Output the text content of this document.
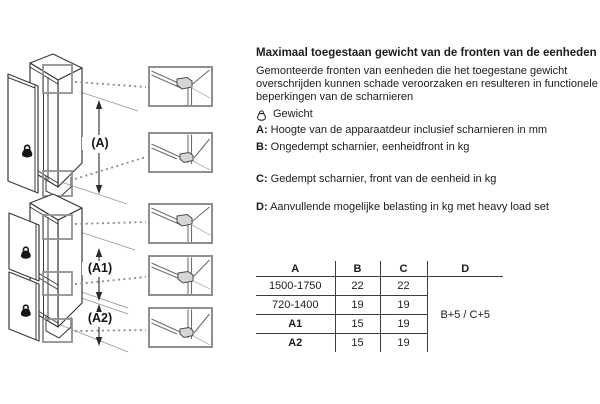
(A)
(A1)
(A2)
Maximaal toegestaan gewicht van de fronten van de eenheden

Gemonteerde fronten van eenheden die het toegestane gewicht overschrijden kunnen schade veroorzaken en resulteren in functionele beperkingen van de scharnieren

Gewicht
A: Hoogte van de apparaatdeur inclusief scharnieren in mm
B: Ongedempt scharnier, eenheidfront in kg
C: Gedempt scharnier, front van de eenheid in kg
D: Aanvullende mogelijke belasting in kg met heavy load set
A	B	C	D
1500-1750	22	22	B+5 / C+5
720-1400	19	19	
A1	15	19	
A2	15	19	
